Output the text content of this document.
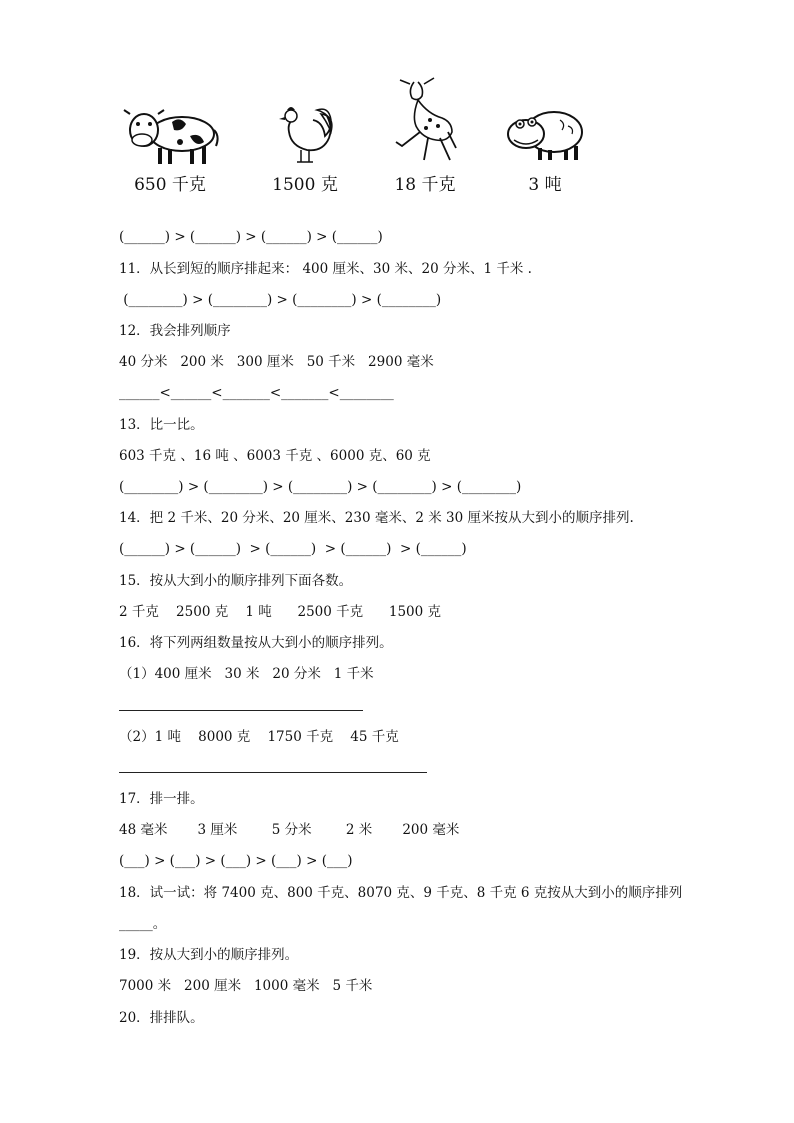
650 千克	1500 克	18 千克	3 吨
(______) > (______) > (______) > (______)
11．从长到短的顺序排起来： 400 厘米、30 米、20 分米、1 千米 .
(________) > (________) > (________) > (________)
12．我会排列顺序
40 分米   200 米   300 厘米   50 千米   2900 毫米
______<______<_______<_______<________
13．比一比。
603 千克 、16 吨 、6003 千克 、6000 克、60 克
(________) > (________) > (________) > (________) > (________)
14．把 2 千米、20 分米、20 厘米、230 毫米、2 米 30 厘米按从大到小的顺序排列.
(______) > (______)  > (______)  > (______)  > (______)
15．按从大到小的顺序排列下面各数。
2 千克    2500 克    1 吨      2500 千克      1500 克
16．将下列两组数量按从大到小的顺序排列。
（1）400 厘米   30 米   20 分米   1 千米
（2）1 吨    8000 克    1750 千克    45 千克
17．排一排。
48 毫米       3 厘米        5 分米        2 米       200 毫米
(___) > (___) > (___) > (___) > (___)
18．试一试：将 7400 克、800 千克、8070 克、9 千克、8 千克 6 克按从大到小的顺序排列
_____。
19．按从大到小的顺序排列。
7000 米   200 厘米   1000 毫米   5 千米
20．排排队。
